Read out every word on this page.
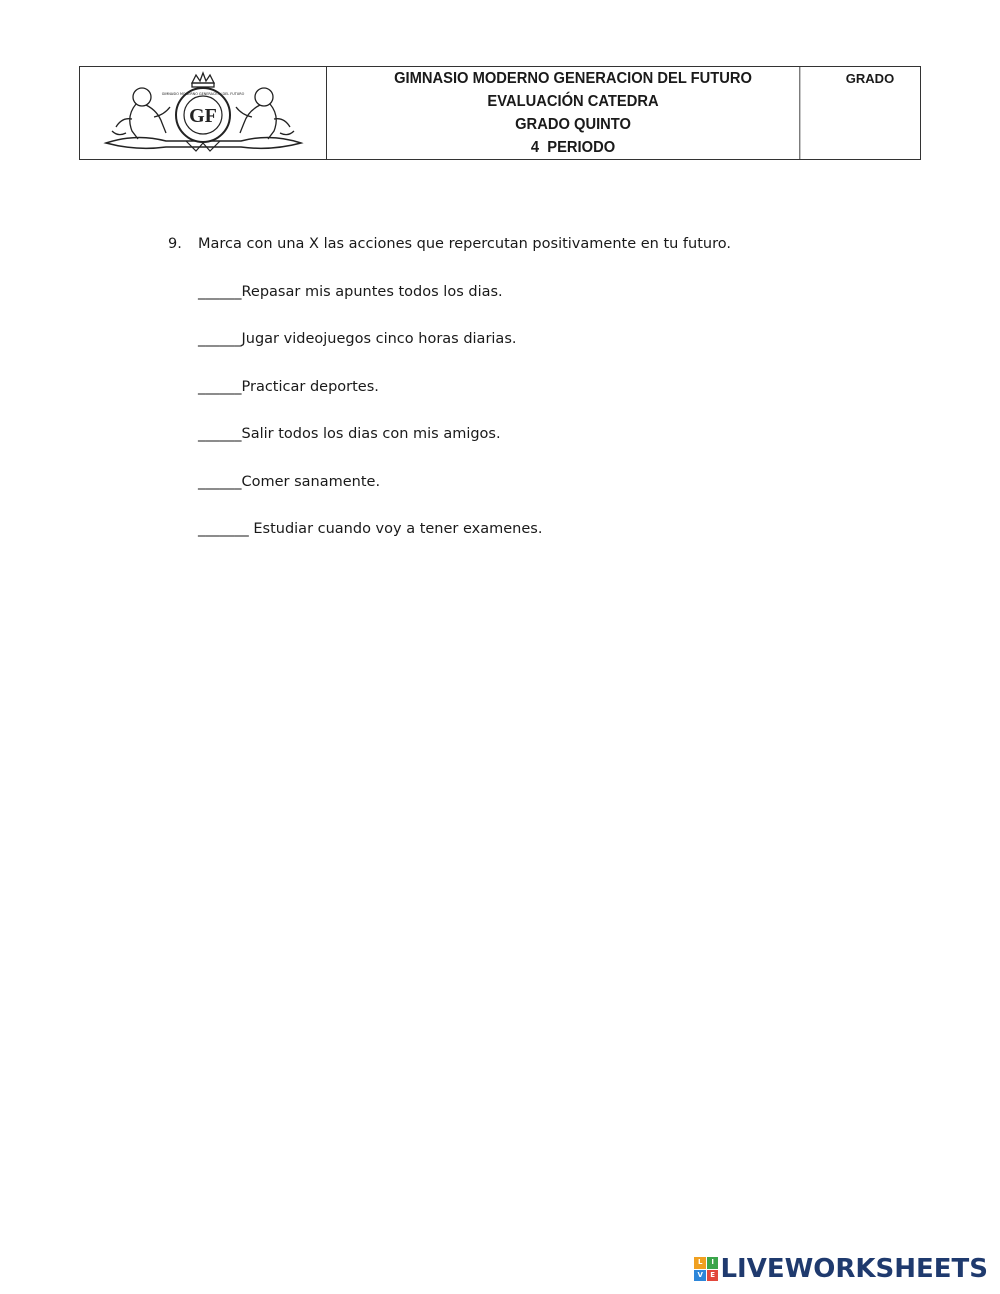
GF
GIMNASIO MODERNO GENERACION DEL FUTURO
GIMNASIO MODERNO GENERACION DEL FUTURO
EVALUACIÓN CATEDRA
GRADO QUINTO
4  PERIODO
GRADO
9.	Marca con una X las acciones que repercutan positivamente en tu futuro.
______Repasar mis apuntes todos los dias.
______Jugar videojuegos cinco horas diarias.
______Practicar deportes.
______Salir todos los dias con mis amigos.
______Comer sanamente.
_______ Estudiar cuando voy a tener examenes.
L	I
V	E LIVEWORKSHEETS
